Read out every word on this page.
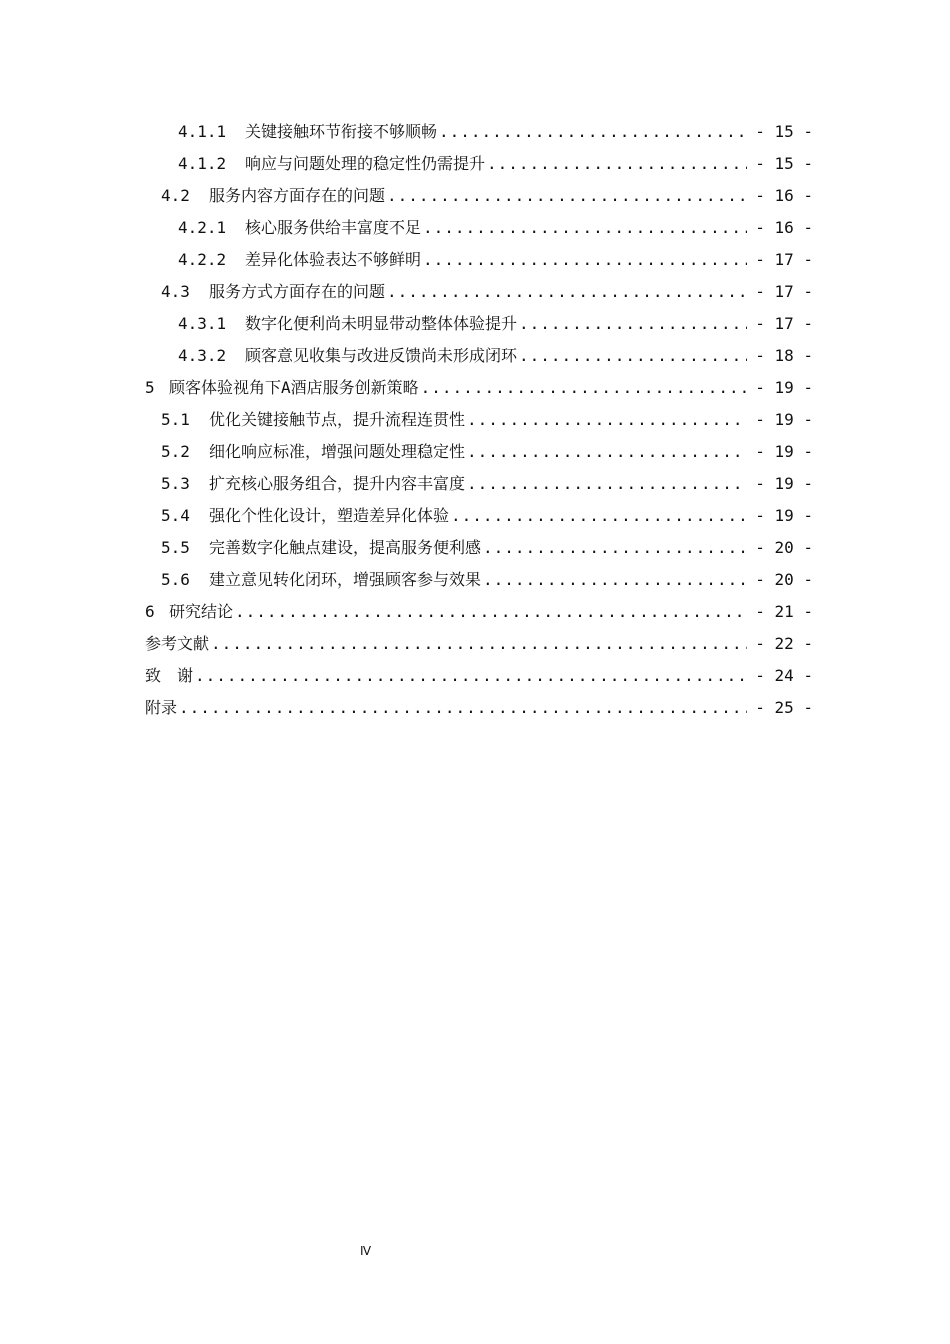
4.1.1	关键接触环节衔接不够顺畅 .....	- 15 -
4.1.2	响应与问题处理的稳定性仍需提升 .....	- 15 -
4.2	服务内容方面存在的问题 .....	- 16 -
4.2.1	核心服务供给丰富度不足 .....	- 16 -
4.2.2	差异化体验表达不够鲜明 .....	- 17 -
4.3	服务方式方面存在的问题 .....	- 17 -
4.3.1	数字化便利尚未明显带动整体体验提升 .....	- 17 -
4.3.2	顾客意见收集与改进反馈尚未形成闭环 .....	- 18 -
5 顾客体验视角下A酒店服务创新策略 .....	- 19 -
5.1	优化关键接触节点，提升流程连贯性 .....	- 19 -
5.2	细化响应标准，增强问题处理稳定性 .....	- 19 -
5.3	扩充核心服务组合，提升内容丰富度 .....	- 19 -
5.4	强化个性化设计，塑造差异化体验 .....	- 19 -
5.5	完善数字化触点建设，提高服务便利感 .....	- 20 -
5.6	建立意见转化闭环，增强顾客参与效果 .....	- 20 -
6 研究结论 .....	- 21 -
参考文献 .....	- 22 -
致　谢 .....	- 24 -
附录 .....	- 25 -
Ⅳ
